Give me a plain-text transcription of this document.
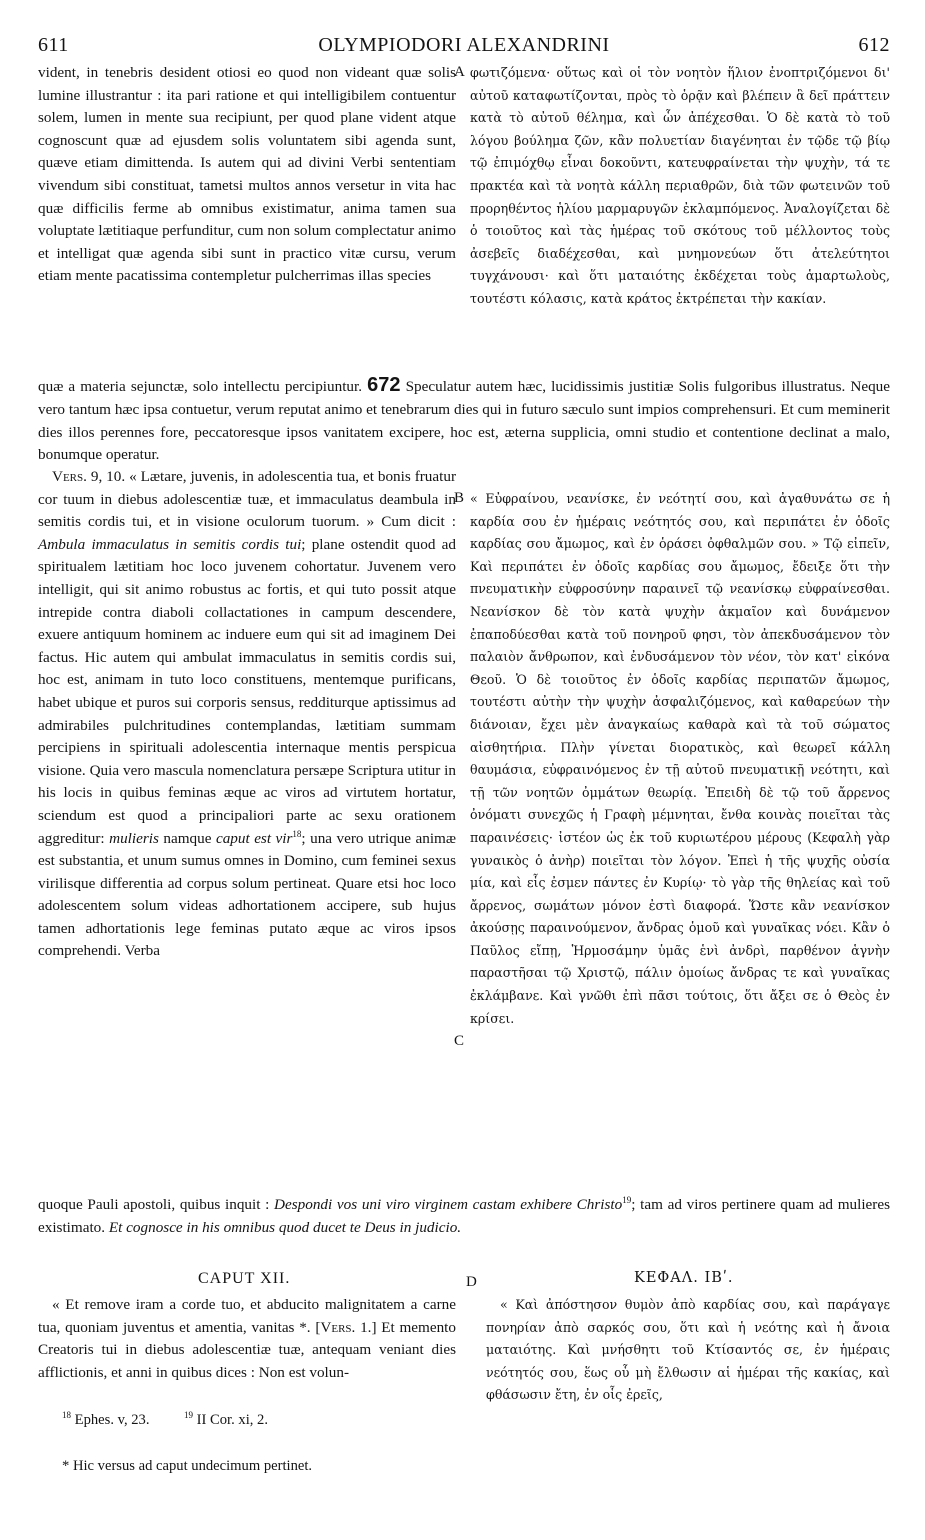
611	OLYMPIODORI ALEXANDRINI	612
vident, in tenebris desident otiosi eo quod non videant quæ solis lumine illustrantur : ita pari ratione et qui intelligibilem contuentur solem, lumen in mente sua recipiunt, per quod plane vident atque cognoscunt quæ ad ejusdem solis voluntatem sibi agenda sunt, quæve etiam dimittenda. Is autem qui ad divini Verbi sententiam vivendum sibi constituat, tametsi multos annos versetur in vita hac quæ difficilis ferme ab omnibus existimatur, anima tamen sua voluptate lætitiaque perfunditur, cum non solum complectatur animo et intelligat quæ agenda sibi sunt in practico vitæ cursu, verum etiam mente pacatissima contempletur pulcherrimas illas species
A φωτιζόμενα· οὕτως καὶ οἱ τὸν νοητὸν ἥλιον ἐνοπτριζόμενοι δι' αὐτοῦ καταφωτίζονται, πρὸς τὸ ὁρᾷν καὶ βλέπειν ἃ δεῖ πράττειν κατὰ τὸ αὐτοῦ θέλημα, καὶ ὧν ἀπέχεσθαι. Ὁ δὲ κατὰ τὸ τοῦ λόγου βούλημα ζῶν, κἂν πολυετίαν διαγένηται ἐν τῷδε τῷ βίῳ τῷ ἐπιμόχθῳ εἶναι δοκοῦντι, κατευφραίνεται τὴν ψυχὴν, τά τε πρακτέα καὶ τὰ νοητὰ κάλλη περιαθρῶν, διὰ τῶν φωτεινῶν τοῦ προρηθέντος ἡλίου μαρμαρυγῶν ἐκλαμπόμενος. Ἀναλογίζεται δὲ ὁ τοιοῦτος καὶ τὰς ἡμέρας τοῦ σκότους τοῦ μέλλοντος τοὺς ἀσεβεῖς διαδέχεσθαι, καὶ μνημονεύων ὅτι ἀτελεύτητοι τυγχάνουσι· καὶ ὅτι ματαιότης ἐκδέχεται τοὺς ἁμαρτωλοὺς, τουτέστι κόλασις, κατὰ κράτος ἐκτρέπεται τὴν κακίαν.
quæ a materia sejunctæ, solo intellectu percipiuntur. 672 Speculatur autem hæc, lucidissimis justitiæ Solis fulgoribus illustratus. Neque vero tantum hæc ipsa contuetur, verum reputat animo et tenebrarum dies qui in futuro sæculo sunt impios comprehensuri. Et cum meminerit dies illos perennes fore, peccatoresque ipsos vanitatem excipere, hoc est, æterna supplicia, omni studio et contentione declinat a malo, bonumque operatur.
Vers. 9, 10. « Lætare, juvenis, in adolescentia tua, et bonis fruatur cor tuum in diebus adolescentiæ tuæ, et immaculatus deambula in semitis cordis tui, et in visione oculorum tuorum. » Cum dicit : Ambula immaculatus in semitis cordis tui; plane ostendit quod ad spiritualem lætitiam hoc loco juvenem cohortatur. Juvenem vero intelligit, qui sit animo robustus ac fortis, et qui tuto possit atque intrepide contra diaboli collactationes in campum descendere, exuere antiquum hominem ac induere eum qui sit ad imaginem Dei factus. Hic autem qui ambulat immaculatus in semitis cordis sui, hoc est, animam in tuto loco constituens, mentemque purificans, habet ubique et puros sui corporis sensus, redditurque aptissimus ad admirabiles pulchritudines contemplandas, lætitiam summam percipiens in spirituali adolescentia internaque mentis perspicua visione. Quia vero mascula nomenclatura persæpe Scriptura utitur in his locis in quibus feminas æque ac viros ad virtutem hortatur, sciendum est quod a principaliori parte ac sexu orationem aggreditur: mulieris namque caput est vir$^{18}$; una vero utrique animæ est substantia, et unum sumus omnes in Domino, cum feminei sexus virilisque differentia ad corpus solum pertineat. Quare etsi hoc loco adolescentem solum videas adhortationem accipere, sub hujus tamen adhortationis lege feminas putato æque ac viros ipsos comprehendi. Verba
B
C
« Εὐφραίνου, νεανίσκε, ἐν νεότητί σου, καὶ ἀγαθυνάτω σε ἡ καρδία σου ἐν ἡμέραις νεότητός σου, καὶ περιπάτει ἐν ὁδοῖς καρδίας σου ἄμωμος, καὶ ἐν ὁράσει ὀφθαλμῶν σου. » Τῷ εἰπεῖν, Καὶ περιπάτει ἐν ὁδοῖς καρδίας σου ἄμωμος, ἔδειξε ὅτι τὴν πνευματικὴν εὐφροσύνην παραινεῖ τῷ νεανίσκῳ εὐφραίνεσθαι. Νεανίσκον δὲ τὸν κατὰ ψυχὴν ἀκμαῖον καὶ δυνάμενον ἐπαποδύεσθαι κατὰ τοῦ πονηροῦ φησι, τὸν ἀπεκδυσάμενον τὸν παλαιὸν ἄνθρωπον, καὶ ἐνδυσάμενον τὸν νέον, τὸν κατ' εἰκόνα Θεοῦ. Ὁ δὲ τοιοῦτος ἐν ὁδοῖς καρδίας περιπατῶν ἄμωμος, τουτέστι αὐτὴν τὴν ψυχὴν ἀσφαλιζόμενος, καὶ καθαρεύων τὴν διάνοιαν, ἔχει μὲν ἀναγκαίως καθαρὰ καὶ τὰ τοῦ σώματος αἰσθητήρια. Πλὴν γίνεται διορατικὸς, καὶ θεωρεῖ κάλλη θαυμάσια, εὐφραινόμενος ἐν τῇ αὐτοῦ πνευματικῇ νεότητι, καὶ τῇ τῶν νοητῶν ὀμμάτων θεωρίᾳ. Ἐπειδὴ δὲ τῷ τοῦ ἄρρενος ὀνόματι συνεχῶς ἡ Γραφὴ μέμνηται, ἔνθα κοινὰς ποιεῖται τὰς παραινέσεις· ἰστέον ὡς ἐκ τοῦ κυριωτέρου μέρους (Κεφαλὴ γὰρ γυναικὸς ὁ ἀνὴρ) ποιεῖται τὸν λόγον. Ἐπεὶ ἡ τῆς ψυχῆς οὐσία μία, καὶ εἷς ἐσμεν πάντες ἐν Κυρίῳ· τὸ γὰρ τῆς θηλείας καὶ τοῦ ἄρρενος, σωμάτων μόνον ἐστὶ διαφορά. Ὥστε κἂν νεανίσκον ἀκούσῃς παραινούμενον, ἄνδρας ὁμοῦ καὶ γυναῖκας νόει. Κἂν ὁ Παῦλος εἴπῃ, Ἡρμοσάμην ὑμᾶς ἑνὶ ἀνδρὶ, παρθένον ἁγνὴν παραστῆσαι τῷ Χριστῷ, πάλιν ὁμοίως ἄνδρας τε καὶ γυναῖκας ἐκλάμβανε. Καὶ γνῶθι ἐπὶ πᾶσι τούτοις, ὅτι ἄξει σε ὁ Θεὸς ἐν κρίσει.
quoque Pauli apostoli, quibus inquit : Despondi vos uni viro virginem castam exhibere Christo$^{19}$; tam ad viros pertinere quam ad mulieres existimato. Et cognosce in his omnibus quod ducet te Deus in judicio.
CAPUT XII.	D	ΚΕΦΑΛ. ΙΒʹ.
« Et remove iram a corde tuo, et abducito malignitatem a carne tua, quoniam juventus et amentia, vanitas *. [Vers. 1.] Et memento Creatoris tui in diebus adolescentiæ tuæ, antequam veniant dies afflictionis, et anni in quibus dices : Non est volun-
« Καὶ ἀπόστησον θυμὸν ἀπὸ καρδίας σου, καὶ παράγαγε πονηρίαν ἀπὸ σαρκός σου, ὅτι καὶ ἡ νεότης καὶ ἡ ἄνοια ματαιότης. Καὶ μνήσθητι τοῦ Κτίσαντός σε, ἐν ἡμέραις νεότητός σου, ἕως οὗ μὴ ἔλθωσιν αἱ ἡμέραι τῆς κακίας, καὶ φθάσωσιν ἔτη, ἐν οἷς ἐρεῖς,
$^{18}$ Ephes. v, 23.	$^{19}$ II Cor. xi, 2.
* Hic versus ad caput undecimum pertinet.
